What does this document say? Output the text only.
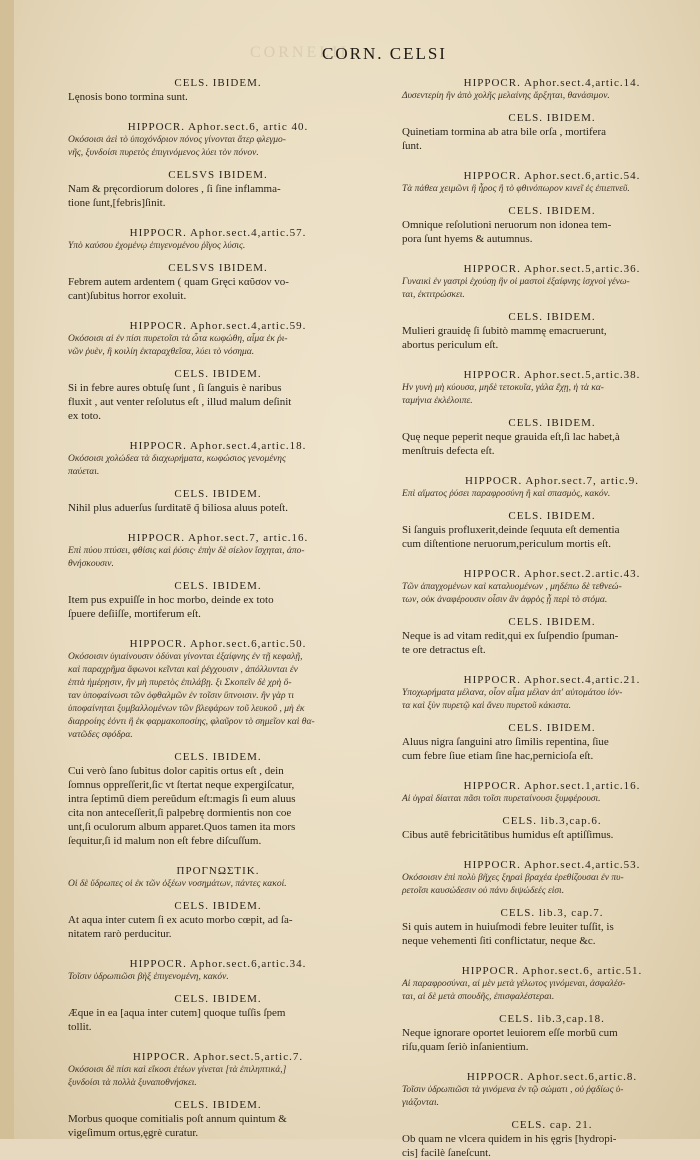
CORNELII
CORN. CELSI
CELS. IBIDEM.
Lęnosis bono tormina sunt.
HIPPOCR. Aphor.sect.6, artic 40.
Οκόσοισι ἀεὶ τὸ ὑποχόνδριον πόνος γίνονται ἄτερ φλεγμο-
νῆς, ξυνδοίσι πυρετὸς ἐπιγινόμενος λύει τὸν πόνον.
CELSVS IBIDEM.
Nam & pręcordiorum dolores , ſi ſine inflamma-
tione ſunt,[febris]ſinit.
HIPPOCR. Aphor.sect.4,artic.57.
Υπὸ καύσου ἐχομένῳ ἐπιγενομένου ῥῖγος λύσις.
CELSVS IBIDEM.
Febrem autem ardentem ( quam Gręci καῦσον vo-
cant)ſubitus horror exoluit.
HIPPOCR. Aphor.sect.4,artic.59.
Οκόσοισι αἱ ἐν πίσι πυρετοῖσι τὰ ὦτα κωφώθη, αἷμα ἐκ ῥι-
νῶν ῥυὲν, ἢ κοιλίη ἐκταραχθεῖσα, λύει τὸ νόσημα.
CELS. IBIDEM.
Si in febre aures obtuſę ſunt , ſi ſanguis è naribus
fluxit , aut venter reſolutus eſt , illud malum deſinit
ex toto.
HIPPOCR. Aphor.sect.4,artic.18.
Οκόσοισι χολώδεα τὰ διαχωρήματα, κωφώσιος γενομένης
παύεται.
CELS. IBIDEM.
Nihil plus aduerſus ſurditatē q̃ biliosa aluus poteſt.
HIPPOCR. Aphor.sect.7, artic.16.
Επὶ πύου πτύσει, φθίσις καὶ ῥύσις· ἐπὴν δὲ σίελον ἴσχηται, ἀπο-
θνήσκουσιν.
CELS. IBIDEM.
Item pus expuiſſe in hoc morbo, deinde ex toto
ſpuere deſiiſſe, mortiferum eſt.
HIPPOCR. Aphor.sect.6,artic.50.
Οκόσοισιν ὑγιαίνουσιν ὀδύναι γίνονται ἐξαίφνης ἐν τῇ κεφαλῇ,
καὶ παραχρῆμα ἄφωνοι κεῖνται καὶ ῥέγχουσιν , ἀπόλλυνται ἐν
ἑπτὰ ἡμέρῃσιν, ἢν μὴ πυρετὸς ἐπιλάβῃ. ξι Σκοπεῖν δὲ χρὴ ὅ-
ταν ὑποφαίνωσι τῶν ὀφθαλμῶν ἐν τοῖσιν ὕπνοισιν. ἢν γὰρ τι
ὑποφαίνηται ξυμβαλλομένων τῶν βλεφάρων τοῦ λευκοῦ , μὴ ἐκ
διαρροίης ἐόντι ἢ ἐκ φαρμακοποσίης, φλαῦρον τὸ σημεῖον καὶ θα-
νατῶδες σφόδρα.
CELS. IBIDEM.
Cui verò ſano ſubitus dolor capitis ortus eſt , dein
ſomnus oppreſſerit,ſic vt ſtertat neque expergiſcatur,
intra ſeptimũ diem pereũdum eſt:magis ſi eum aluus
cita non anteceſſerit,ſi palpebrę dormientis non coe
unt,ſi oculorum album apparet.Quos tamen ita mors
ſequitur,ſi id malum non eſt febre diſcuſſum.
ΠΡΟΓΝΩΣΤΙΚ.
Οἱ δὲ ὕδρωπες οἱ ἐκ τῶν ὀξέων νοσημάτων, πάντες κακοί.
CELS. IBIDEM.
At aqua inter cutem ſi ex acuto morbo cœpit, ad ſa-
nitatem rarò perducitur.
HIPPOCR. Aphor.sect.6,artic.34.
Τοῖσιν ὑδρωπιῶσι βὴξ ἐπιγενομένη, κακόν.
CELS. IBIDEM.
Æque in ea [aqua inter cutem] quoque tuſſis ſpem
tollit.
HIPPOCR. Aphor.sect.5,artic.7.
Οκόσοισι δὲ πίσι καὶ εἴκοσι ἐτέων γίνεται [τὰ ἐπιληπτικά,]
ξυνδοίσι τὰ πολλὰ ξυναποθνήσκει.
CELS. IBIDEM.
Morbus quoque comitialis poſt annum quintum &
vigeſimum ortus,ęgrè curatur.
HIPPOCR. Aphor.sect.4,artic.14.
Δυσεντερίη ἢν ἀπὸ χολῆς μελαίνης ἄρξηται, θανάσιμον.
CELS. IBIDEM.
Quinetiam tormina ab atra bile orſa , mortifera
ſunt.
HIPPOCR. Aphor.sect.6,artic.54.
Τὰ πάθεα χειμῶνι ἢ ἦρος ἢ τὸ φθινόπωρον κινεῖ ἐς ἐπιεπνεῦ.
CELS. IBIDEM.
Omnique reſolutioni neruorum non idonea tem-
pora ſunt hyems & autumnus.
HIPPOCR. Aphor.sect.5,artic.36.
Γυναικὶ ἐν γαστρὶ ἐχούσῃ ἢν οἱ μαστοὶ ἐξαίφνης ἰσχνοὶ γένω-
ται, ἐκτιτρώσκει.
CELS. IBIDEM.
Mulieri grauidę ſi ſubitò mammę emacruerunt,
abortus periculum eſt.
HIPPOCR. Aphor.sect.5,artic.38.
Ην γυνὴ μὴ κύουσα, μηδὲ τετοκυῖα, γάλα ἔχῃ, ἡ τὰ κα-
ταμήνια ἐκλέλοιπε.
CELS. IBIDEM.
Quę neque peperit neque grauida eſt,ſi lac habet,à
menſtruis defecta eſt.
HIPPOCR. Aphor.sect.7, artic.9.
Επὶ αἵματος ῥύσει παραφροσύνη ἢ καὶ σπασμὸς, κακόν.
CELS. IBIDEM.
Si ſanguis profluxerit,deinde ſequuta eſt dementia
cum diſtentione neruorum,periculum mortis eſt.
HIPPOCR. Aphor.sect.2.artic.43.
Τῶν ἀπαγχομένων καὶ καταλυομένων , μηδέπω δὲ τεθνεώ-
των, οὐκ ἀναφέρουσιν οἷσιν ἂν ἀφρὸς ᾖ περὶ τὸ στόμα.
CELS. IBIDEM.
Neque is ad vitam redit,qui ex ſuſpendio ſpuman-
te ore detractus eſt.
HIPPOCR. Aphor.sect.4,artic.21.
Υποχωρήματα μέλανα, οἷον αἷμα μέλαν ἀπ' αὐτομάτου ἰόν-
τα καὶ ξὺν πυρετῷ καὶ ἄνευ πυρετοῦ κάκιστα.
CELS. IBIDEM.
Aluus nigra ſanguini atro ſimilis repentina, ſiue
cum febre ſiue etiam ſine hac,pernicioſa eſt.
HIPPOCR. Aphor.sect.1,artic.16.
Αἱ ὑγραὶ δίαιται πᾶσι τοῖσι πυρεταίνουσι ξυμφέρουσι.
CELS. lib.3,cap.6.
Cibus autē febricitātibus humidus eſt aptiſſimus.
HIPPOCR. Aphor.sect.4,artic.53.
Οκόσοισιν ἐπὶ πολὺ βῆχες ξηραὶ βραχέα ἐρεθίζουσαι ἐν πυ-
ρετοῖσι καυσώδεσιν οὐ πάνυ διψώδεές εἰσι.
CELS. lib.3, cap.7.
Si quis autem in huiuſmodi febre leuiter tuſſit, is
neque vehementi ſiti conflictatur, neque &c.
HIPPOCR. Aphor.sect.6, artic.51.
Αἱ παραφροσύναι, αἱ μὲν μετὰ γέλωτος γινόμεναι, ἀσφαλέσ-
ται, αἱ δὲ μετὰ σπουδῆς, ἐπισφαλέστεραι.
CELS. lib.3,cap.18.
Neque ignorare oportet leuiorem eſſe morbū cum
riſu,quam ſeriò inſanientium.
HIPPOCR. Aphor.sect.6,artic.8.
Τοῖσιν ὑδρωπιῶσι τὰ γινόμενα ἐν τῷ σώματι , οὐ ῥᾳδίως ὑ-
γιάζονται.
CELS. cap. 21.
Ob quam ne vlcera quidem in his ęgris [hydropi-
cis] facilè ſaneſcunt.
